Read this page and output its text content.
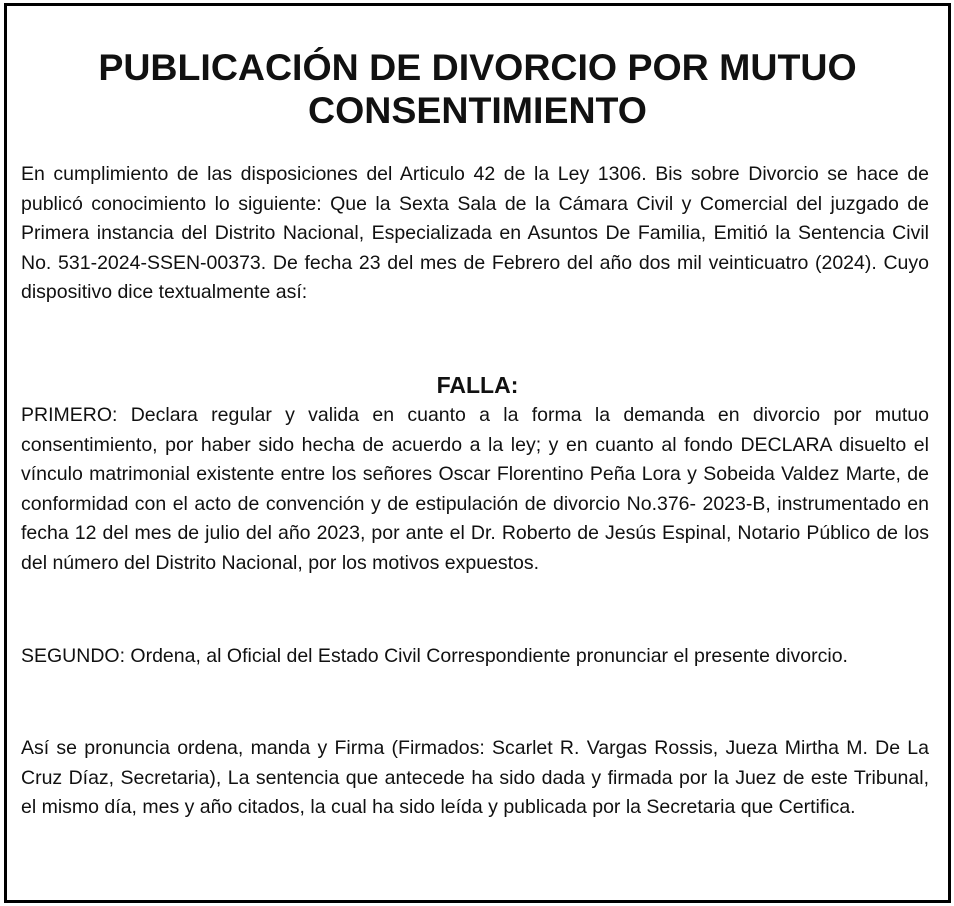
PUBLICACIÓN DE DIVORCIO POR MUTUO
CONSENTIMIENTO

En cumplimiento de las disposiciones del Articulo 42 de la Ley 1306. Bis sobre Divorcio se hace de publicó conocimiento lo siguiente: Que la Sexta Sala de la Cámara Civil y Comercial del juzgado de Primera instancia del Distrito Nacional, Especializada en Asuntos De Familia, Emitió la Sentencia Civil No. 531-2024-SSEN-00373. De fecha 23 del mes de Febrero del año dos mil veinticuatro (2024). Cuyo dispositivo dice textualmente así:

FALLA:

PRIMERO: Declara regular y valida en cuanto a la forma la demanda en divorcio por mutuo consentimiento, por haber sido hecha de acuerdo a la ley; y en cuanto al fondo DECLARA disuelto el vínculo matrimonial existente entre los señores Oscar Florentino Peña Lora y Sobeida Valdez Marte, de conformidad con el acto de convención y de estipulación de divorcio No.376- 2023-B, instrumentado en fecha 12 del mes de julio del año 2023, por ante el Dr. Roberto de Jesús Espinal, Notario Público de los del número del Distrito Nacional, por los motivos expuestos.

SEGUNDO: Ordena, al Oficial del Estado Civil Correspondiente pronunciar el presente divorcio.

Así se pronuncia ordena, manda y Firma (Firmados: Scarlet R. Vargas Rossis, Jueza Mirtha M. De La Cruz Díaz, Secretaria), La sentencia que antecede ha sido dada y firmada por la Juez de este Tribunal, el mismo día, mes y año citados, la cual ha sido leída y publicada por la Secretaria que Certifica.
